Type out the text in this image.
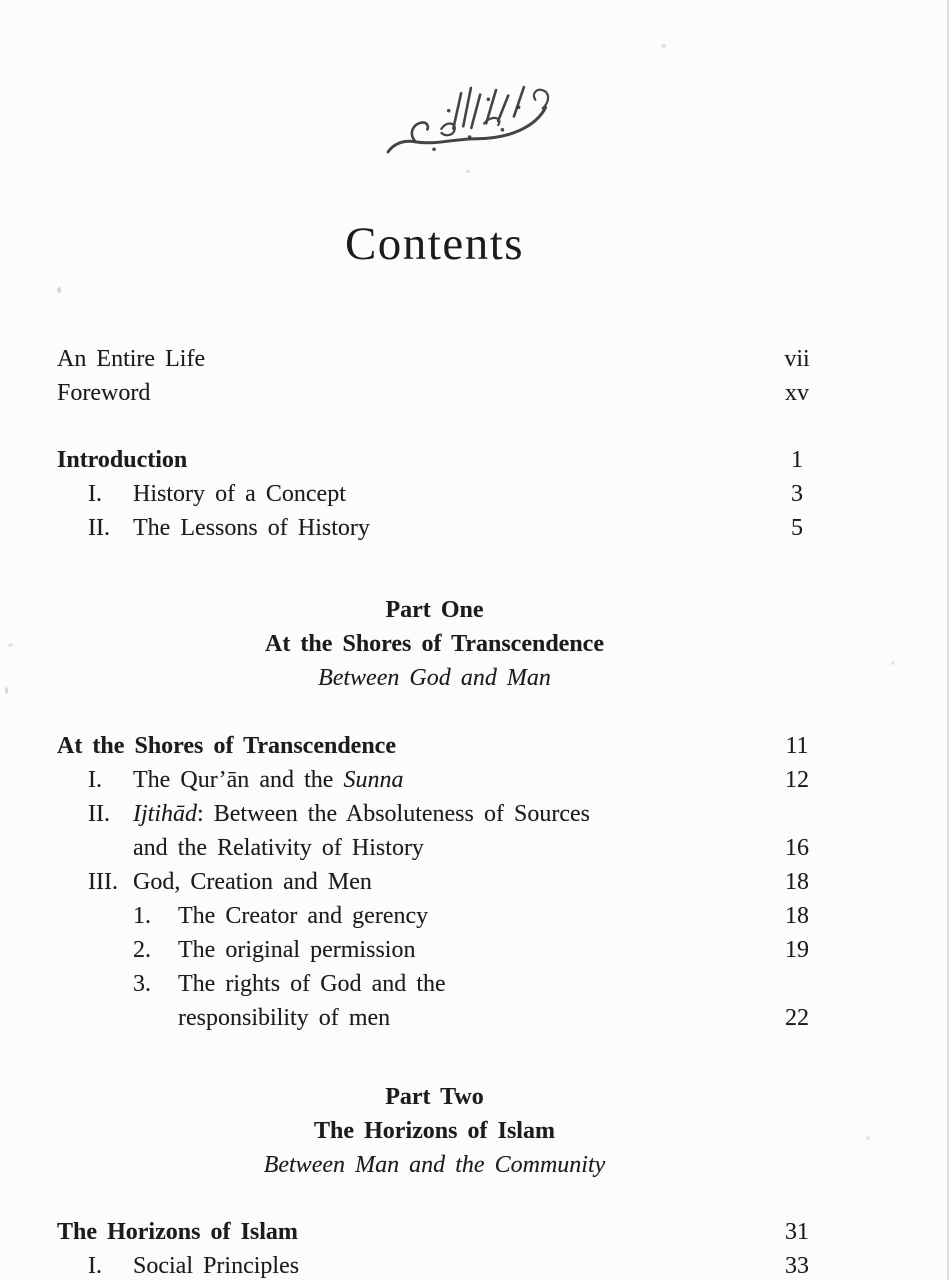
Contents
An Entire Life	vii
Foreword	xv
Introduction	1
I.	History of a Concept	3
II. The Lessons of History	5
Part One
At the Shores of Transcendence
Between God and Man
At the Shores of Transcendence	11
I.	The Qur’ān and the Sunna	12
II. Ijtihād: Between the Absoluteness of Sources
and the Relativity of History	16
III. God, Creation and Men	18
1.	The Creator and gerency	18
2.	The original permission	19
3.	The rights of God and the
responsibility of men	22
Part Two
The Horizons of Islam
Between Man and the Community
The Horizons of Islam	31
I.	Social Principles	33
